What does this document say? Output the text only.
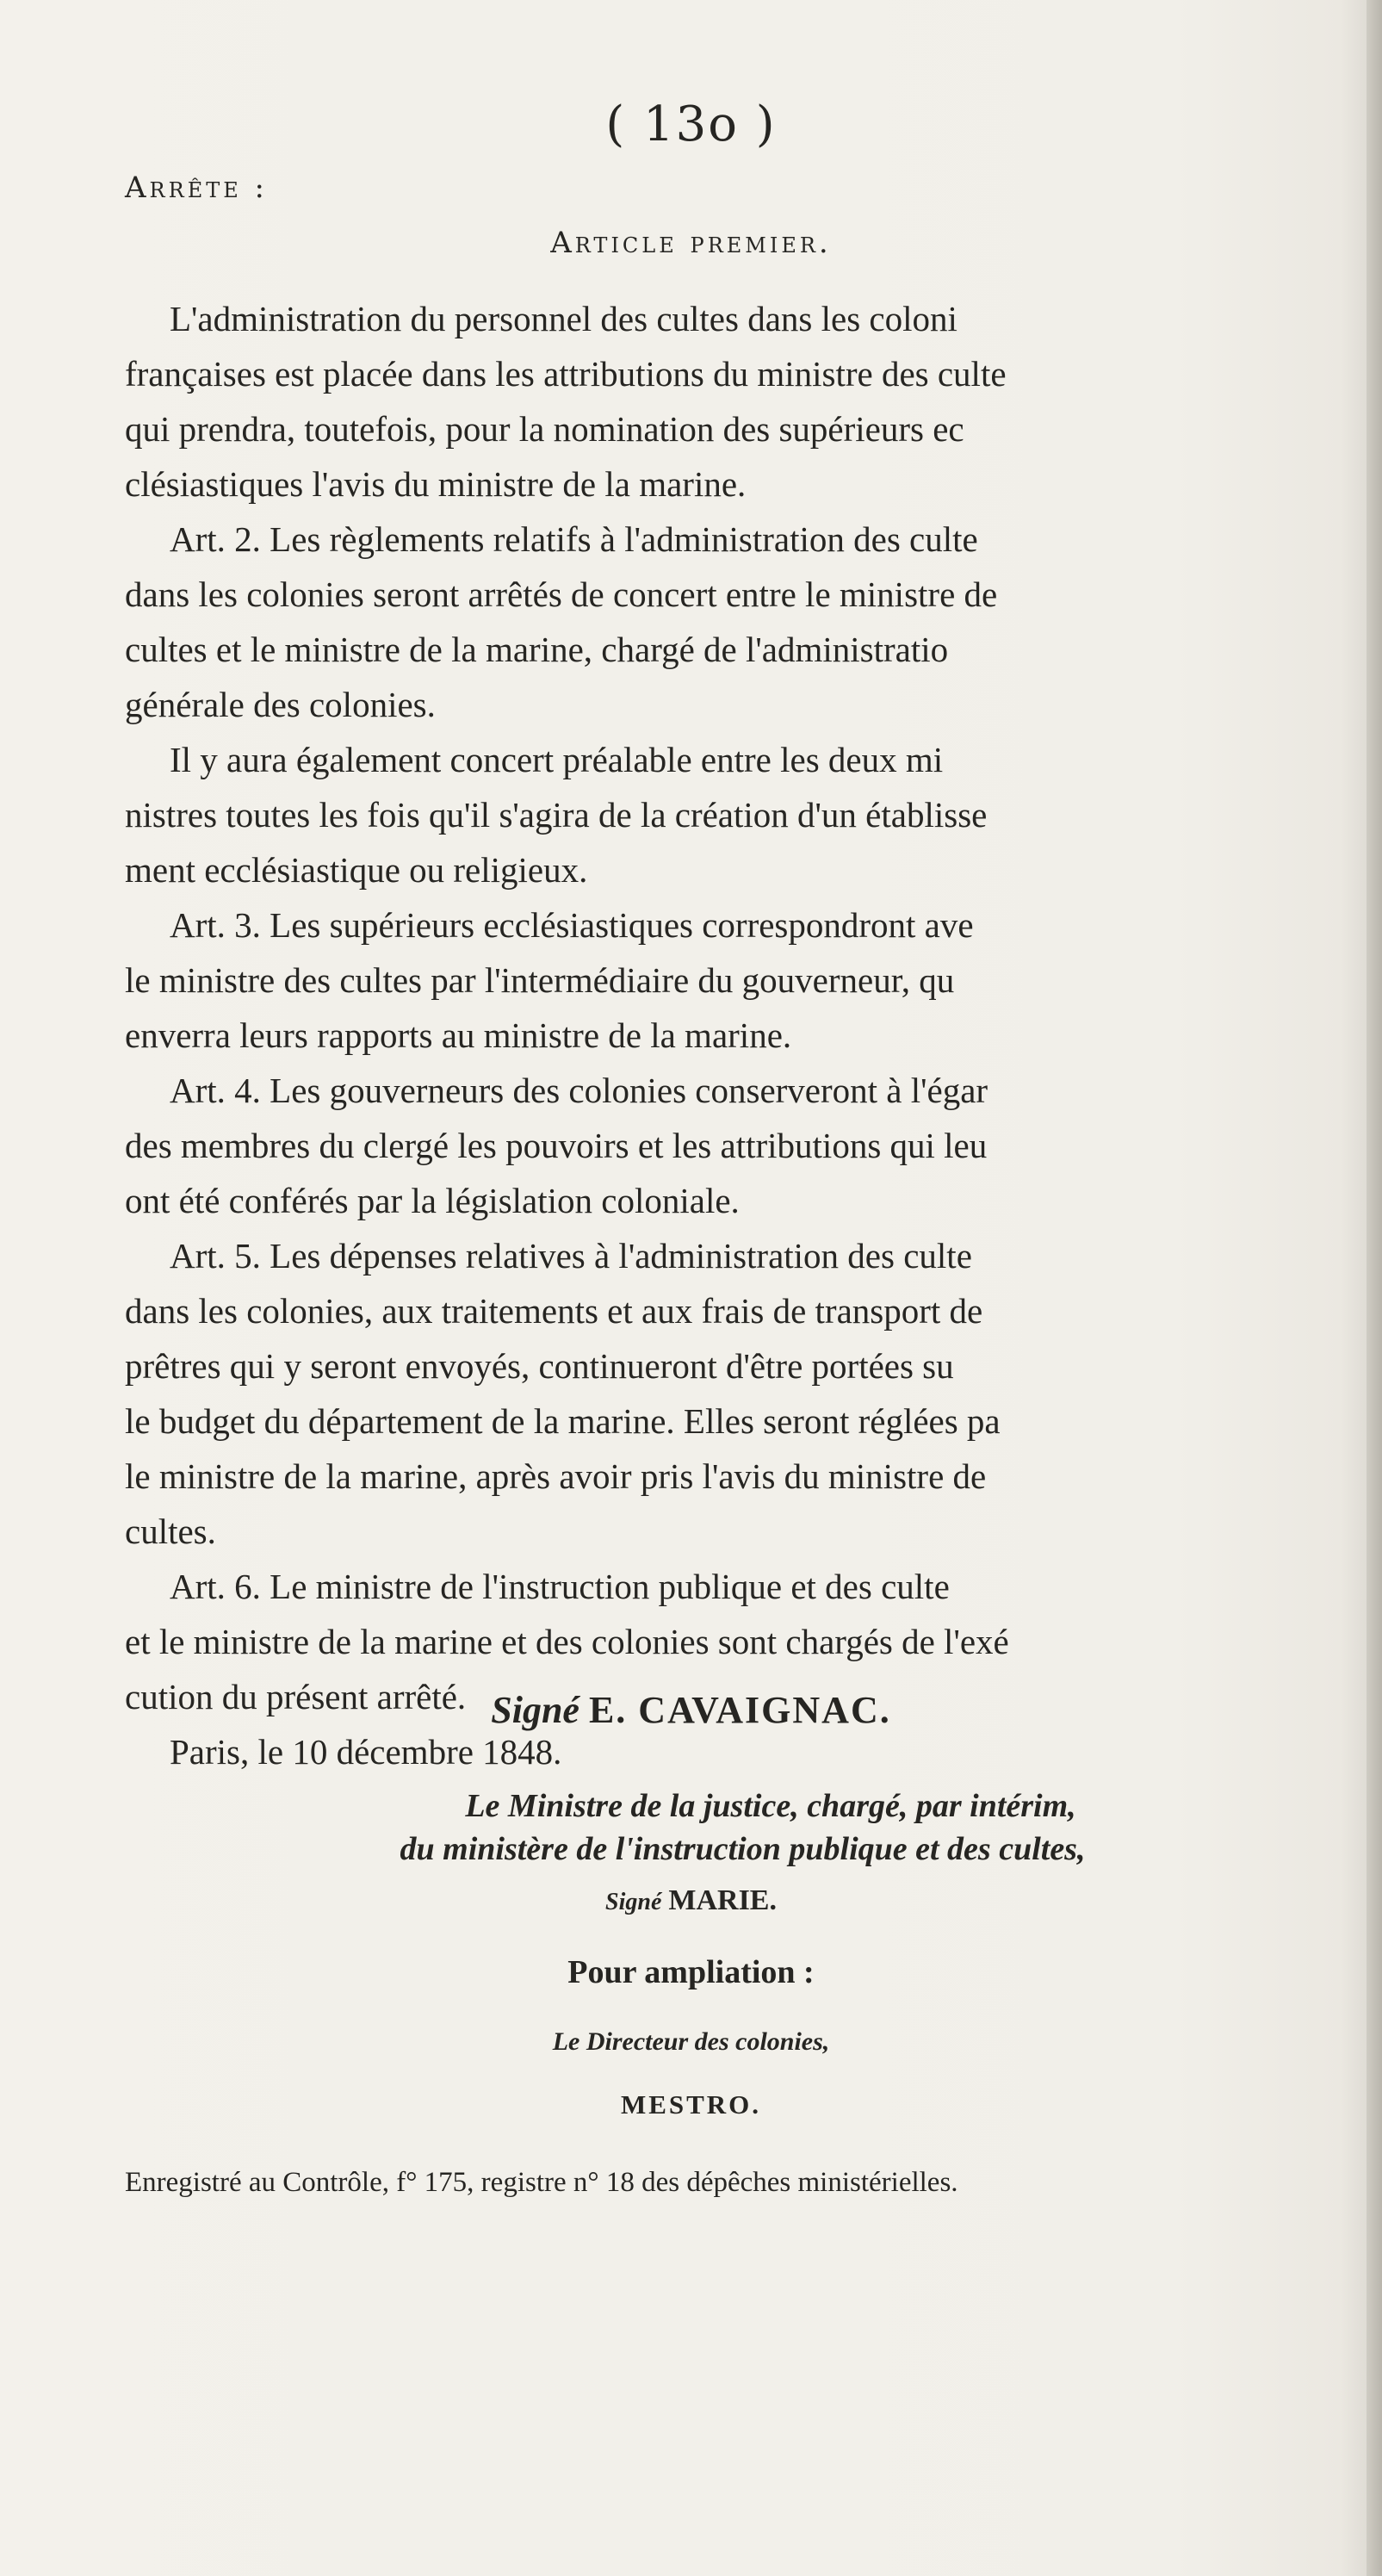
( 13o )
Arrête :
Article premier.
L'administration du personnel des cultes dans les coloni
françaises est placée dans les attributions du ministre des culte
qui prendra, toutefois, pour la nomination des supérieurs ec
clésiastiques l'avis du ministre de la marine.
Art. 2. Les règlements relatifs à l'administration des culte
dans les colonies seront arrêtés de concert entre le ministre de
cultes et le ministre de la marine, chargé de l'administratio
générale des colonies.
Il y aura également concert préalable entre les deux mi
nistres toutes les fois qu'il s'agira de la création d'un établisse
ment ecclésiastique ou religieux.
Art. 3. Les supérieurs ecclésiastiques correspondront ave
le ministre des cultes par l'intermédiaire du gouverneur, qu
enverra leurs rapports au ministre de la marine.
Art. 4. Les gouverneurs des colonies conserveront à l'égar
des membres du clergé les pouvoirs et les attributions qui leu
ont été conférés par la législation coloniale.
Art. 5. Les dépenses relatives à l'administration des culte
dans les colonies, aux traitements et aux frais de transport de
prêtres qui y seront envoyés, continueront d'être portées su
le budget du département de la marine. Elles seront réglées pa
le ministre de la marine, après avoir pris l'avis du ministre de
cultes.
Art. 6. Le ministre de l'instruction publique et des culte
et le ministre de la marine et des colonies sont chargés de l'exé
cution du présent arrêté.
Paris, le 10 décembre 1848.
Signé E. CAVAIGNAC.
Le Ministre de la justice, chargé, par intérim,
du ministère de l'instruction publique et des cultes,
Signé MARIE.
Pour ampliation :
Le Directeur des colonies,
MESTRO.
Enregistré au Contrôle, f° 175, registre n° 18 des dépêches ministérielles.
